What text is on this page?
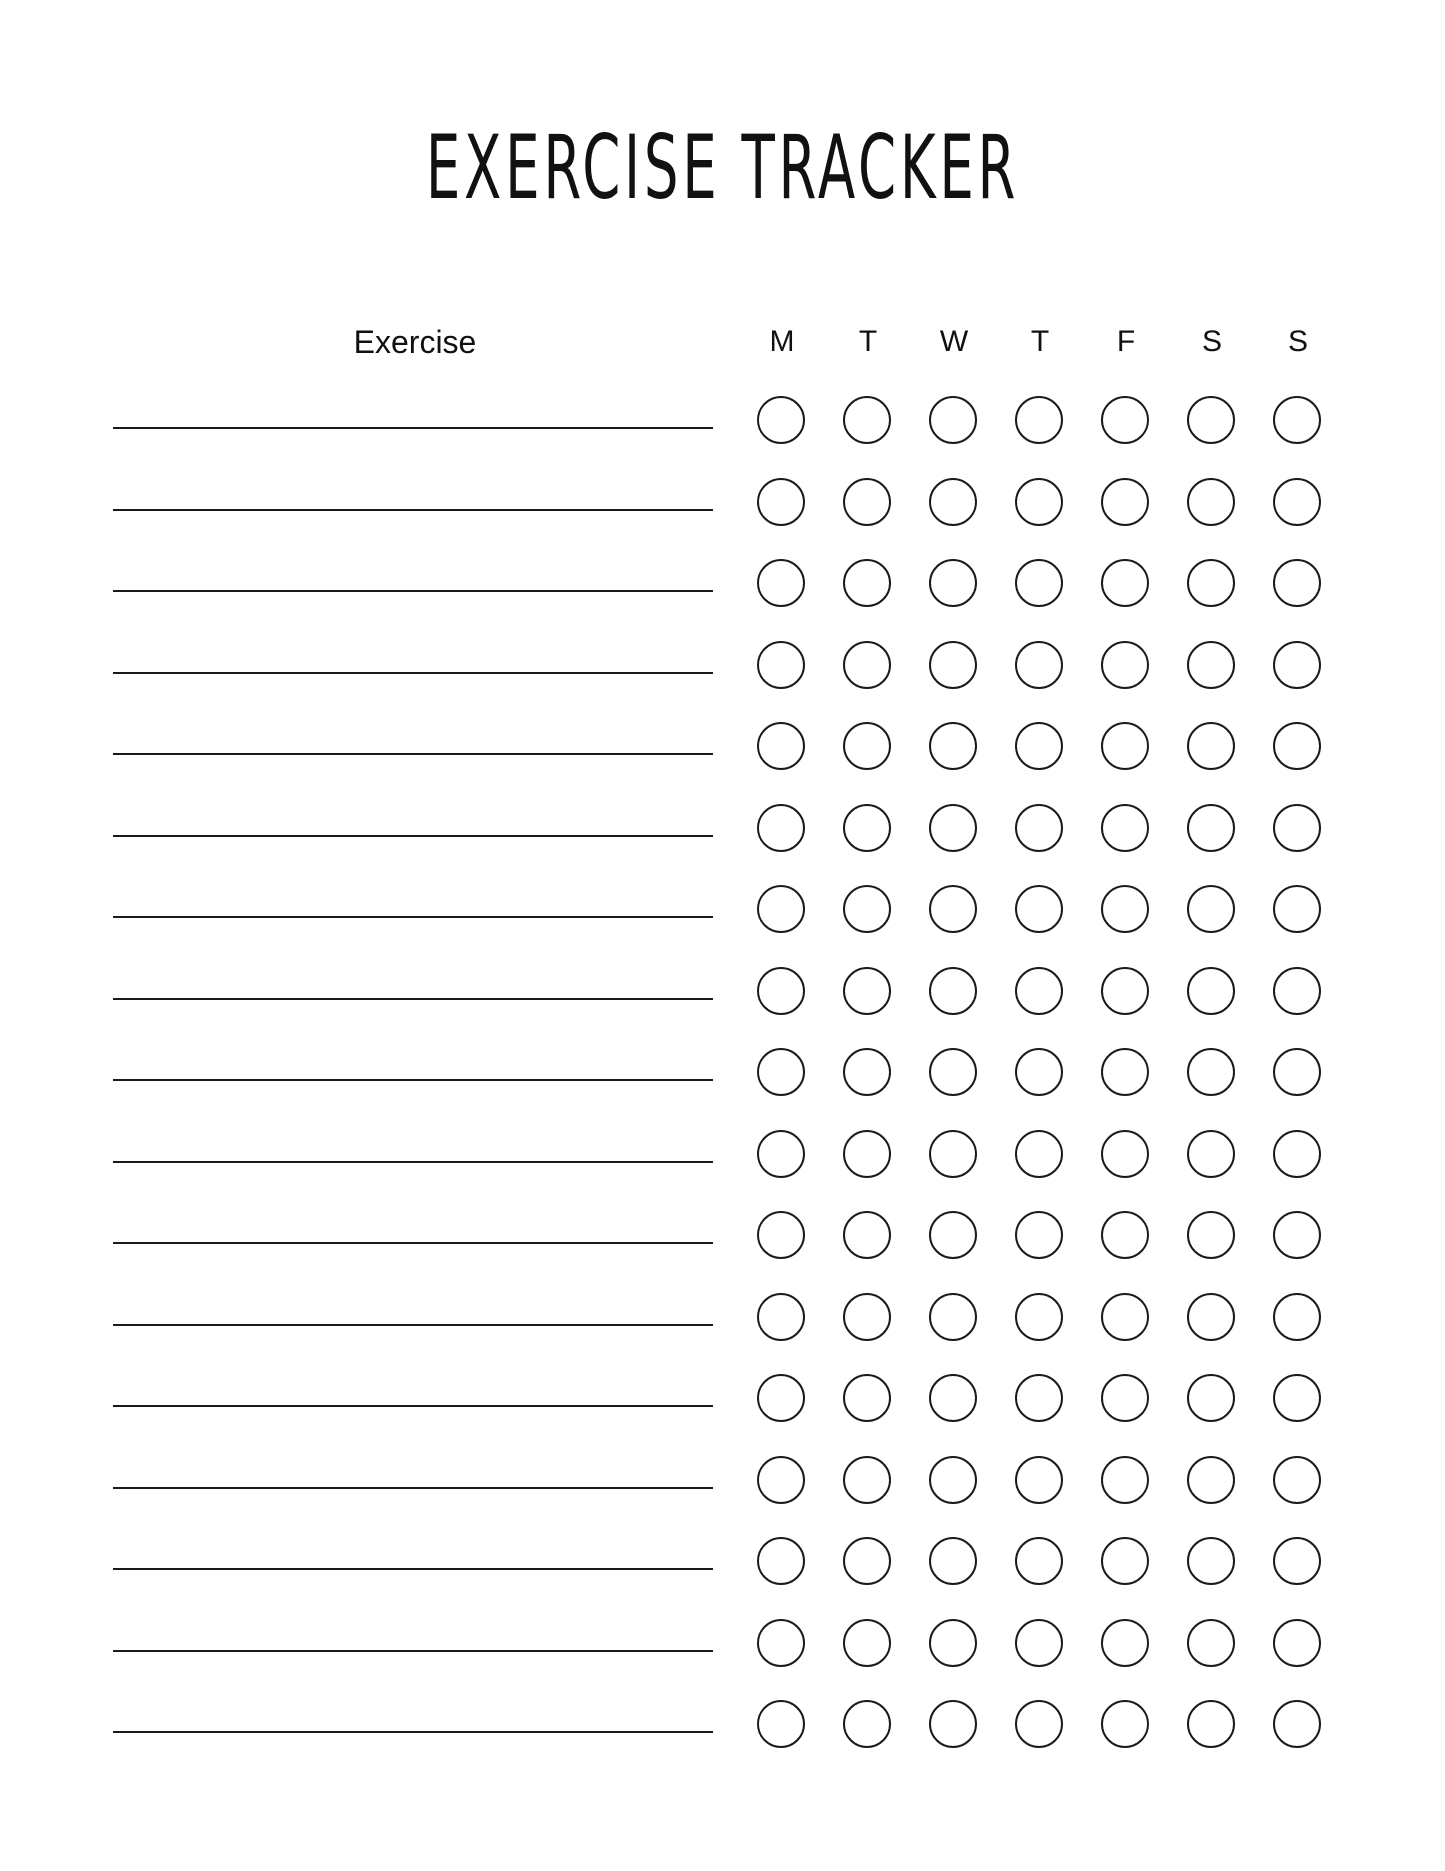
EXERCISE TRACKER
Exercise	M	T	W	T	F	S	S
